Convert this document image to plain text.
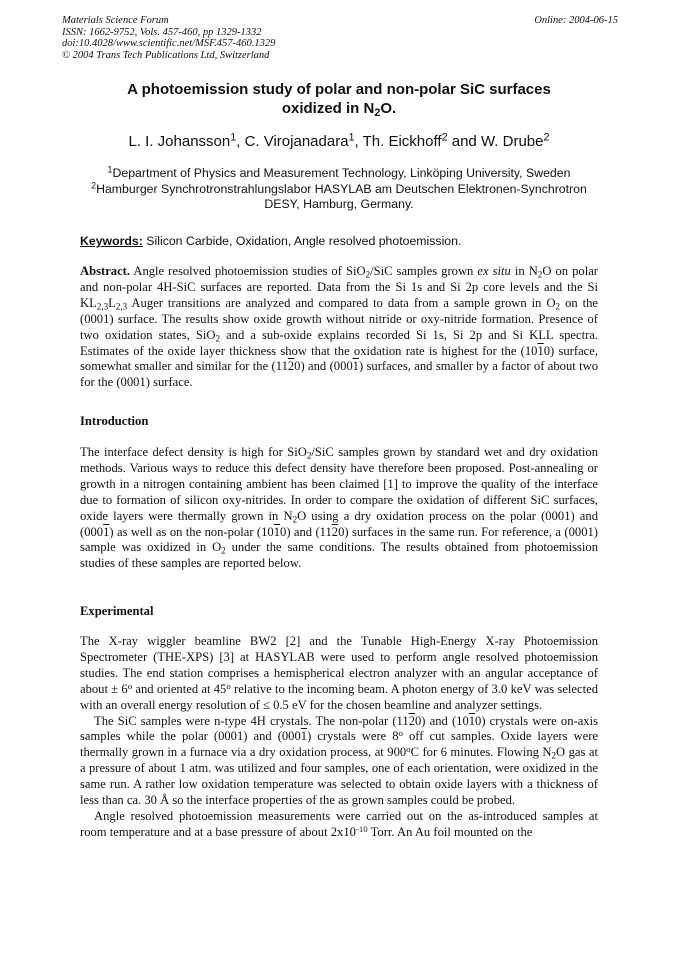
Materials Science Forum	Online: 2004-06-15
ISSN: 1662-9752, Vols. 457-460, pp 1329-1332
doi:10.4028/www.scientific.net/MSF.457-460.1329
© 2004 Trans Tech Publications Ltd, Switzerland
A photoemission study of polar and non-polar SiC surfaces
oxidized in $N_2O$.
L. I. Johansson$^1$, C. Virojanadara$^1$, Th. Eickhoff$^2$ and W. Drube$^2$
$^1$Department of Physics and Measurement Technology, Linköping University, Sweden
$^2$Hamburger Synchrotronstrahlungslabor HASYLAB am Deutschen Elektronen-Synchrotron
DESY, Hamburg, Germany.
Keywords: Silicon Carbide, Oxidation, Angle resolved photoemission.

Abstract. Angle resolved photoemission studies of SiO$_2$/SiC samples grown ex situ in $N_2O$ on polar and non-polar 4H-SiC surfaces are reported. Data from the Si 1s and Si 2p core levels and the Si $KL_{2,3}L_{2,3}$ Auger transitions are analyzed and compared to data from a sample grown in $O_2$ on the (0001) surface. The results show oxide growth without nitride or oxy-nitride formation. Presence of two oxidation states, SiO$_2$ and a sub-oxide explains recorded Si 1s, Si 2p and Si KLL spectra. Estimates of the oxide layer thickness show that the oxidation rate is highest for the (1010) surface, somewhat smaller and similar for the (1120) and (0001) surfaces, and smaller by a factor of about two for the (0001) surface.

Introduction

The interface defect density is high for SiO$_2$/SiC samples grown by standard wet and dry oxidation methods. Various ways to reduce this defect density have therefore been proposed. Post-annealing or growth in a nitrogen containing ambient has been claimed [1] to improve the quality of the interface due to formation of silicon oxy-nitrides. In order to compare the oxidation of different SiC surfaces, oxide layers were thermally grown in $N_2O$ using a dry oxidation process on the polar (0001) and (0001) as well as on the non-polar (1010) and (1120) surfaces in the same run. For reference, a (0001) sample was oxidized in $O_2$ under the same conditions. The results obtained from photoemission studies of these samples are reported below.

Experimental

The X-ray wiggler beamline BW2 [2] and the Tunable High-Energy X-ray Photoemission Spectrometer (THE-XPS) [3] at HASYLAB were used to perform angle resolved photoemission studies. The end station comprises a hemispherical electron analyzer with an angular acceptance of about ± $6^o$ and oriented at 45$^o$ relative to the incoming beam. A photon energy of 3.0 keV was selected with an overall energy resolution of ≤ 0.5 eV for the chosen beamline and analyzer settings.

The SiC samples were n-type 4H crystals. The non-polar (1120) and (1010) crystals were on-axis samples while the polar (0001) and (0001) crystals were 8$^o$ off cut samples. Oxide layers were thermally grown in a furnace via a dry oxidation process, at 900$^o$C for 6 minutes. Flowing $N_2O$ gas at a pressure of about 1 atm. was utilized and four samples, one of each orientation, were oxidized in the same run. A rather low oxidation temperature was selected to obtain oxide layers with a thickness of less than ca. 30 Å so the interface properties of the as grown samples could be probed.

Angle resolved photoemission measurements were carried out on the as-introduced samples at room temperature and at a base pressure of about $2x10^{-10}$ Torr. An Au foil mounted on the
